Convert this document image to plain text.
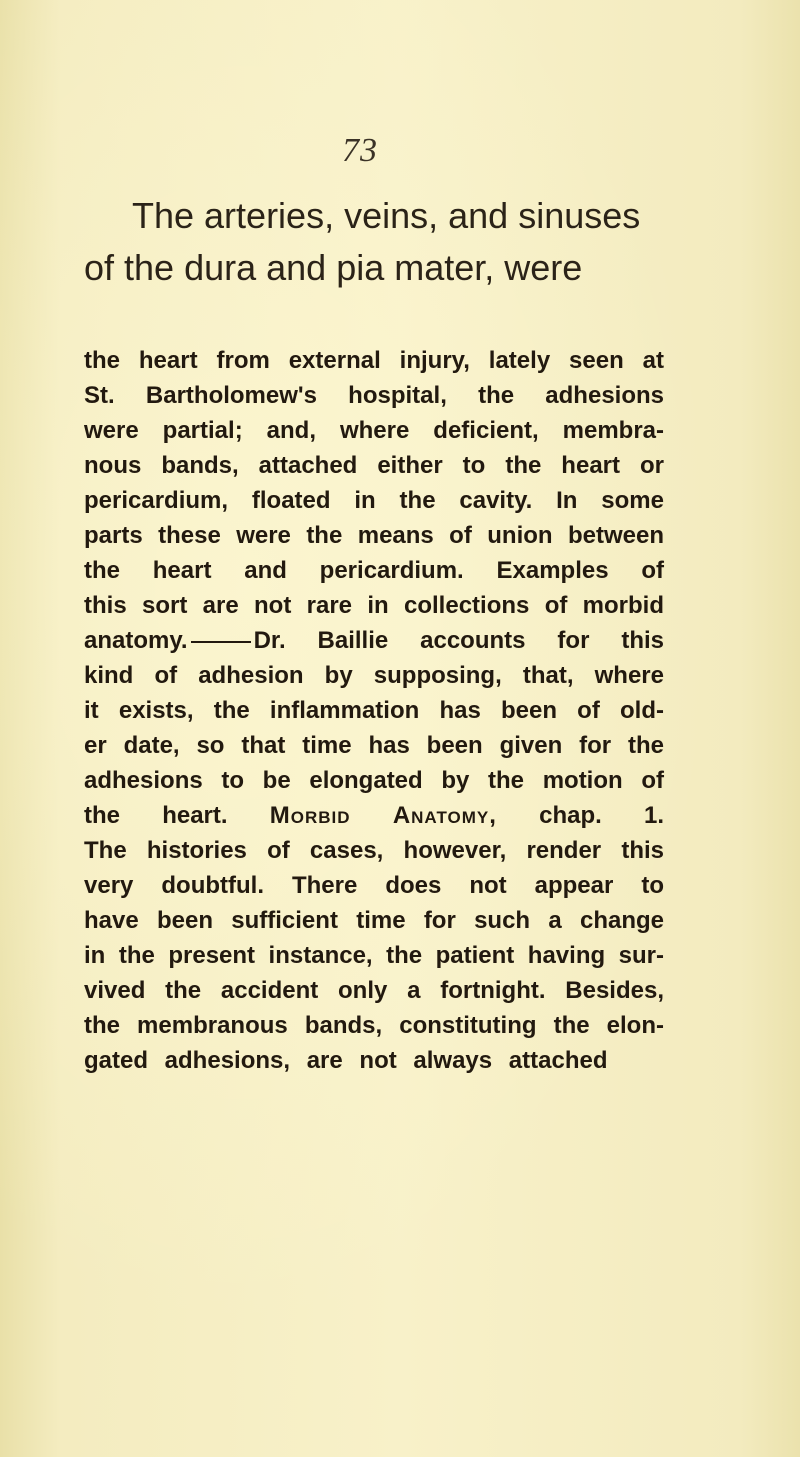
73
The arteries, veins, and sinuses
of the dura and pia mater, were
the heart from external injury, lately seen at
St. Bartholomew's hospital, the adhesions
were partial; and, where deficient, membra-
nous bands, attached either to the heart or
pericardium, floated in the cavity. In some
parts these were the means of union between
the heart and pericardium. Examples of
this sort are not rare in collections of morbid
anatomy.	Dr. Baillie accounts for this
kind of adhesion by supposing, that, where
it exists, the inflammation has been of old-
er date, so that time has been given for the
adhesions to be elongated by the motion of
the heart. Morbid Anatomy, chap. 1.
The histories of cases, however, render this
very doubtful. There does not appear to
have been sufficient time for such a change
in the present instance, the patient having sur-
vived the accident only a fortnight. Besides,
the membranous bands, constituting the elon-
gated adhesions, are not always attached
